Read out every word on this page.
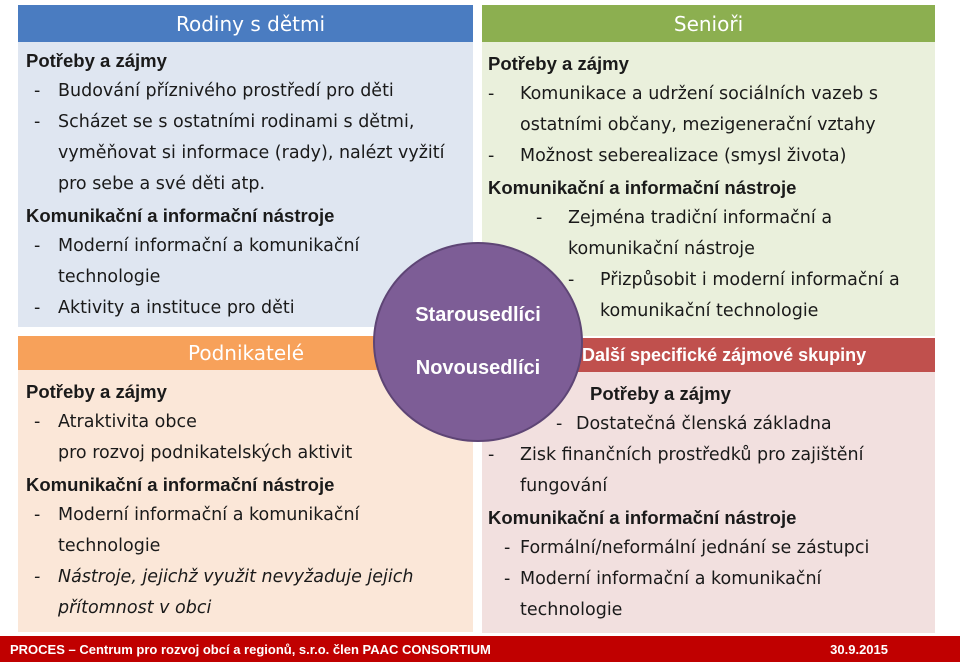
Rodiny s dětmi
Potřeby a zájmy
- Budování příznivého prostředí pro děti
- Scházet se s ostatními rodinami s dětmi,
vyměňovat si informace (rady), nalézt vyžití
pro sebe a své děti atp.
Komunikační a informační nástroje
- Moderní informační a komunikační
technologie
- Aktivity a instituce pro děti
Podnikatelé
Potřeby a zájmy
- Atraktivita obce
pro rozvoj podnikatelských aktivit
Komunikační a informační nástroje
- Moderní informační a komunikační
technologie
- Nástroje, jejichž využit nevyžaduje jejich
přítomnost v obci
Senioři
Potřeby a zájmy
- Komunikace a udržení sociálních vazeb s
ostatními občany, mezigenerační vztahy
- Možnost seberealizace (smysl života)
Komunikační a informační nástroje
- Zejména tradiční informační a
komunikační nástroje
- Přizpůsobit i moderní informační a
komunikační technologie
Další specifické zájmové skupiny
Potřeby a zájmy
- Dostatečná členská základna
- Zisk finančních prostředků pro zajištění
fungování
Komunikační a informační nástroje
- Formální/neformální jednání se zástupci
- Moderní informační a komunikační
technologie
Starousedlíci
Novousedlíci
PROCES – Centrum pro rozvoj obcí a regionů, s.r.o. člen PAAC CONSORTIUM	30.9.2015
